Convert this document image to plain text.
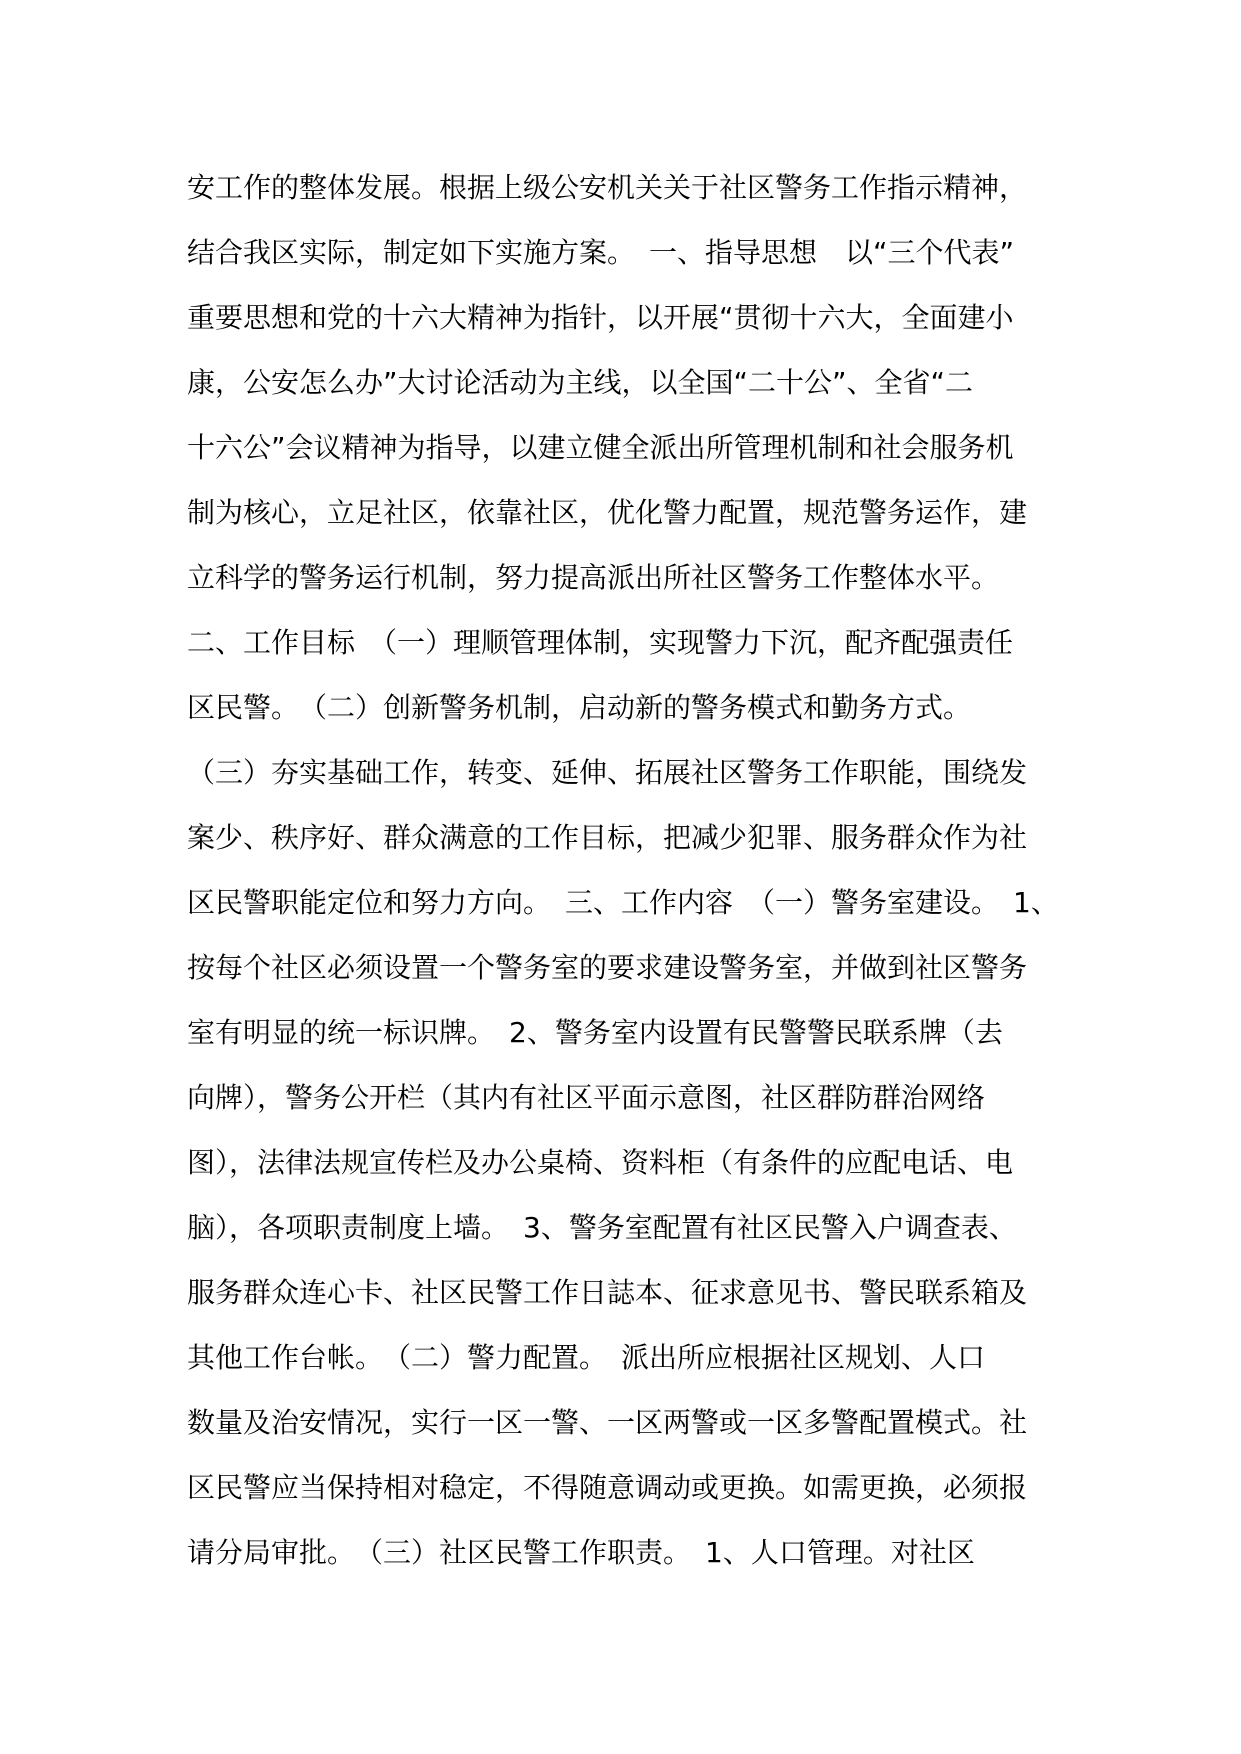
安工作的整体发展。根据上级公安机关关于社区警务工作指示精神，
结合我区实际，制定如下实施方案。　一、指导思想　以“三个代表”
重要思想和党的十六大精神为指针，以开展“贯彻十六大，全面建小
康，公安怎么办”大讨论活动为主线，以全国“二十公”、全省“二
十六公”会议精神为指导，以建立健全派出所管理机制和社会服务机
制为核心，立足社区，依靠社区，优化警力配置，规范警务运作，建
立科学的警务运行机制，努力提高派出所社区警务工作整体水平。
二、工作目标　（一）理顺管理体制，实现警力下沉，配齐配强责任
区民警。　（二）创新警务机制，启动新的警务模式和勤务方式。
（三）夯实基础工作，转变、延伸、拓展社区警务工作职能，围绕发
案少、秩序好、群众满意的工作目标，把减少犯罪、服务群众作为社
区民警职能定位和努力方向。　三、工作内容　（一）警务室建设。　1、
按每个社区必须设置一个警务室的要求建设警务室，并做到社区警务
室有明显的统一标识牌。　2、警务室内设置有民警警民联系牌（去
向牌），警务公开栏（其内有社区平面示意图，社区群防群治网络
图），法律法规宣传栏及办公桌椅、资料柜（有条件的应配电话、电
脑），各项职责制度上墙。　3、警务室配置有社区民警入户调查表、
服务群众连心卡、社区民警工作日誌本、征求意见书、警民联系箱及
其他工作台帐。　（二）警力配置。　派出所应根据社区规划、人口
数量及治安情况，实行一区一警、一区两警或一区多警配置模式。社
区民警应当保持相对稳定，不得随意调动或更换。如需更换，必须报
请分局审批。　（三）社区民警工作职责。　1、人口管理。对社区
